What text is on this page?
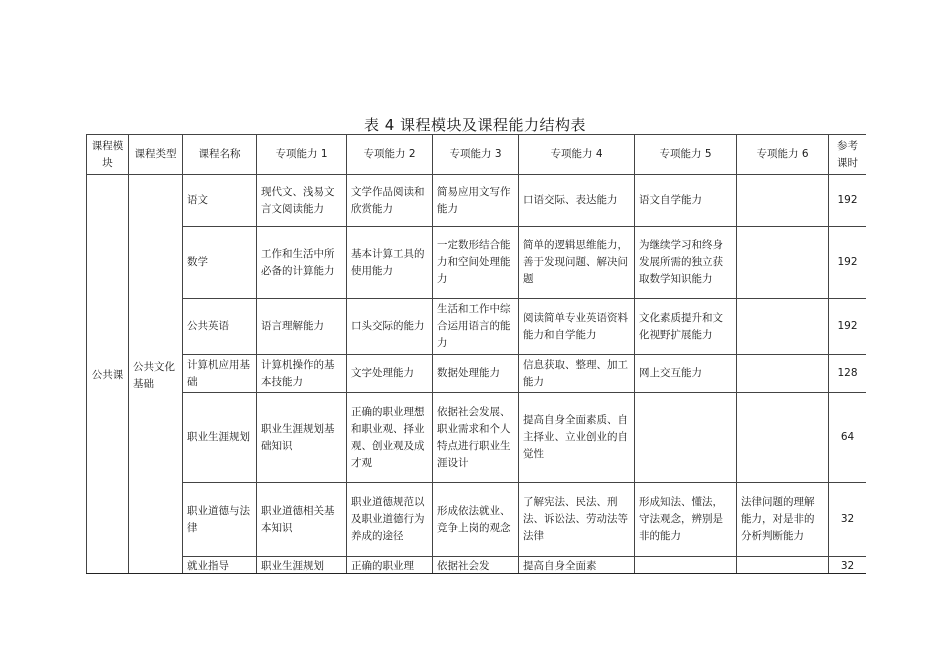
表 4 课程模块及课程能力结构表
课程模块	课程类型	课程名称	专项能力 1	专项能力 2	专项能力 3	专项能力 4	专项能力 5	专项能力 6	参考课时
公共课	公共文化基础	语文	现代文、浅易文言文阅读能力	文学作品阅读和欣赏能力	简易应用文写作能力	口语交际、表达能力	语文自学能力		192
		数学	工作和生活中所必备的计算能力	基本计算工具的使用能力	一定数形结合能力和空间处理能力	简单的逻辑思维能力，善于发现问题、解决问题	为继续学习和终身发展所需的独立获取数学知识能力		192
		公共英语	语言理解能力	口头交际的能力	生活和工作中综合运用语言的能力	阅读简单专业英语资料能力和自学能力	文化素质提升和文化视野扩展能力		192
		计算机应用基础	计算机操作的基本技能力	文字处理能力	数据处理能力	信息获取、整理、加工能力	网上交互能力		128
		职业生涯规划	职业生涯规划基础知识	正确的职业理想和职业观、择业观、创业观及成才观	依据社会发展、职业需求和个人特点进行职业生涯设计	提高自身全面素质、自主择业、立业创业的自觉性			64
		职业道德与法律	职业道德相关基本知识	职业道德规范以及职业道德行为养成的途径	形成依法就业、竞争上岗的观念	了解宪法、民法、刑法、诉讼法、劳动法等法律	形成知法、懂法，守法观念，辨别是非的能力	法律问题的理解能力，对是非的分析判断能力	32
		就业指导	职业生涯规划	正确的职业理	依据社会发	提高自身全面素			32
